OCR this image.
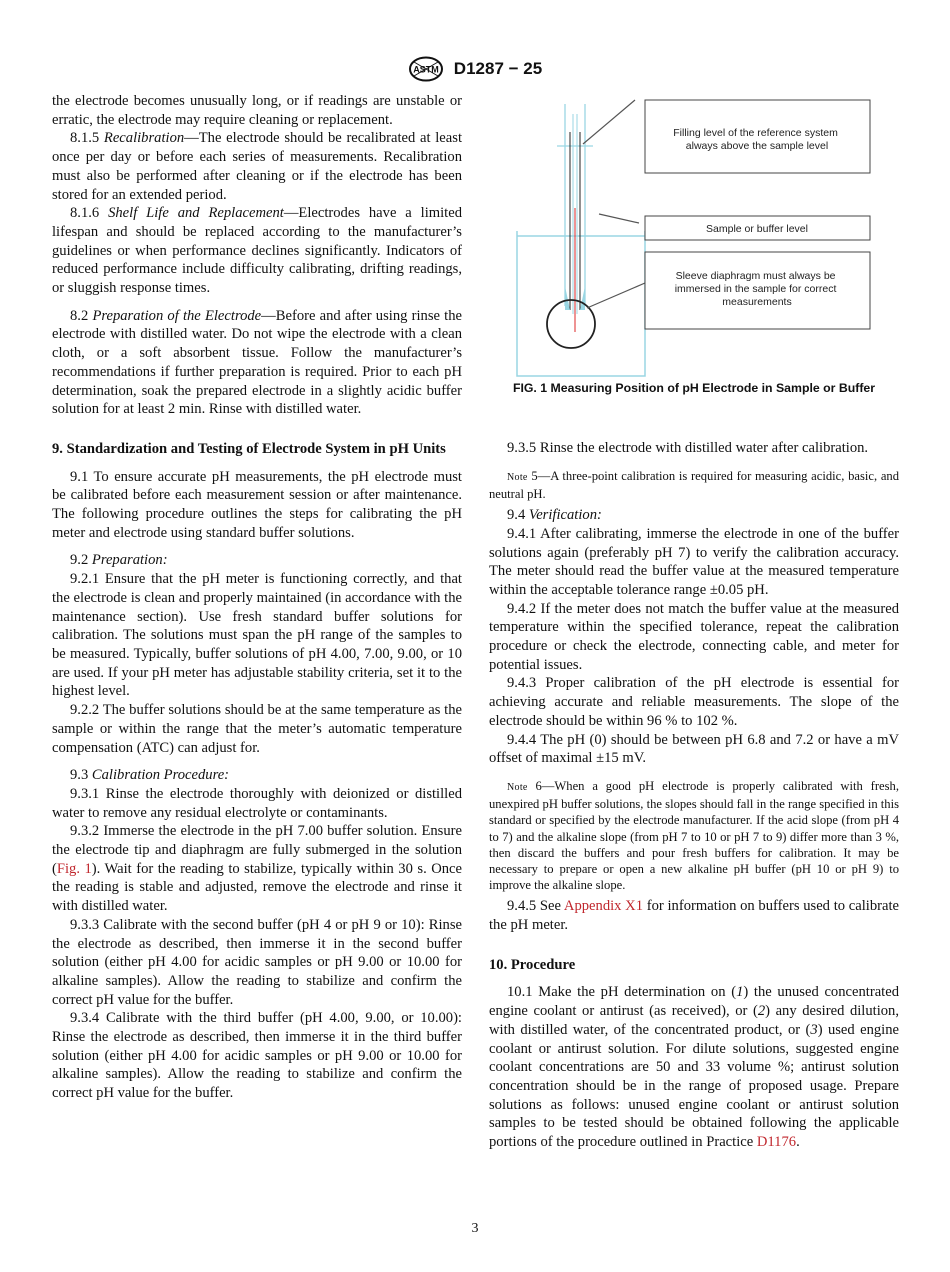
ASTM D1287 − 25

the electrode becomes unusually long, or if readings are unstable or erratic, the electrode may require cleaning or replacement.

8.1.5 Recalibration—The electrode should be recalibrated at least once per day or before each series of measurements. Recalibration must also be performed after cleaning or if the electrode has been stored for an extended period.

8.1.6 Shelf Life and Replacement—Electrodes have a limited lifespan and should be replaced according to the manufacturer’s guidelines or when performance declines significantly. Indicators of reduced performance include difficulty calibrating, drifting readings, or sluggish response times.

8.2 Preparation of the Electrode—Before and after using rinse the electrode with distilled water. Do not wipe the electrode with a clean cloth, or a soft absorbent tissue. Follow the manufacturer’s recommendations if further preparation is required. Prior to each pH determination, soak the prepared electrode in a slightly acidic buffer solution for at least 2 min. Rinse with distilled water.

9. Standardization and Testing of Electrode System in pH Units

9.1 To ensure accurate pH measurements, the pH electrode must be calibrated before each measurement session or after maintenance. The following procedure outlines the steps for calibrating the pH meter and electrode using standard buffer solutions.

9.2 Preparation:

9.2.1 Ensure that the pH meter is functioning correctly, and that the electrode is clean and properly maintained (in accordance with the maintenance section). Use fresh standard buffer solutions for calibration. The solutions must span the pH range of the samples to be measured. Typically, buffer solutions of pH 4.00, 7.00, 9.00, or 10 are used. If your pH meter has adjustable stability criteria, set it to the highest level.

9.2.2 The buffer solutions should be at the same temperature as the sample or within the range that the meter’s automatic temperature compensation (ATC) can adjust for.

9.3 Calibration Procedure:

9.3.1 Rinse the electrode thoroughly with deionized or distilled water to remove any residual electrolyte or contaminants.

9.3.2 Immerse the electrode in the pH 7.00 buffer solution. Ensure the electrode tip and diaphragm are fully submerged in the solution (Fig. 1). Wait for the reading to stabilize, typically within 30 s. Once the reading is stable and adjusted, remove the electrode and rinse it with distilled water.

9.3.3 Calibrate with the second buffer (pH 4 or pH 9 or 10): Rinse the electrode as described, then immerse it in the second buffer solution (either pH 4.00 for acidic samples or pH 9.00 or 10.00 for alkaline samples). Allow the reading to stabilize and confirm the correct pH value for the buffer.

9.3.4 Calibrate with the third buffer (pH 4.00, 9.00, or 10.00): Rinse the electrode as described, then immerse it in the third buffer solution (either pH 4.00 for acidic samples or pH 9.00 or 10.00 for alkaline samples). Allow the reading to stabilize and confirm the correct pH value for the buffer.

Filling level of the reference system always above the sample level
Sample or buffer level
Sleeve diaphragm must always be immersed in the sample for correct measurements
FIG. 1 Measuring Position of pH Electrode in Sample or Buffer

9.3.5 Rinse the electrode with distilled water after calibration.

Note 5—A three-point calibration is required for measuring acidic, basic, and neutral pH.

9.4 Verification:

9.4.1 After calibrating, immerse the electrode in one of the buffer solutions again (preferably pH 7) to verify the calibration accuracy. The meter should read the buffer value at the measured temperature within the acceptable tolerance range ±0.05 pH.

9.4.2 If the meter does not match the buffer value at the measured temperature within the specified tolerance, repeat the calibration procedure or check the electrode, connecting cable, and meter for potential issues.

9.4.3 Proper calibration of the pH electrode is essential for achieving accurate and reliable measurements. The slope of the electrode should be within 96 % to 102 %.

9.4.4 The pH (0) should be between pH 6.8 and 7.2 or have a mV offset of maximal ±15 mV.

Note 6—When a good pH electrode is properly calibrated with fresh, unexpired pH buffer solutions, the slopes should fall in the range specified in this standard or specified by the electrode manufacturer. If the acid slope (from pH 4 to 7) and the alkaline slope (from pH 7 to 10 or pH 7 to 9) differ more than 3 %, then discard the buffers and pour fresh buffers for calibration. It may be necessary to prepare or open a new alkaline pH buffer (pH 10 or pH 9) to improve the alkaline slope.

9.4.5 See Appendix X1 for information on buffers used to calibrate the pH meter.

10. Procedure

10.1 Make the pH determination on (1) the unused concentrated engine coolant or antirust (as received), or (2) any desired dilution, with distilled water, of the concentrated product, or (3) used engine coolant or antirust solution. For dilute solutions, suggested engine coolant concentrations are 50 and 33 volume %; antirust solution concentration should be in the range of proposed usage. Prepare solutions as follows: unused engine coolant or antirust solution samples to be tested should be obtained following the applicable portions of the procedure outlined in Practice D1176.

3
